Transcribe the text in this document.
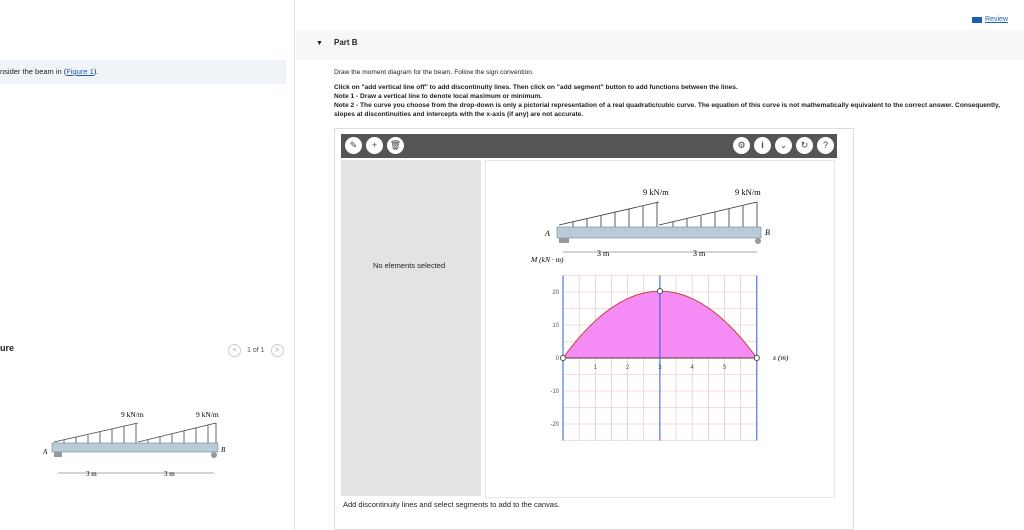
nsider the beam in (Figure 1).
ure	<	1 of 1	>
9 kN/m	9 kN/m
A	B
3 m	3 m
Review
▼ Part B
Draw the moment diagram for the beam. Follow the sign convention.
Click on "add vertical line off" to add discontinuity lines. Then click on "add segment" button to add functions between the lines.
Note 1 - Draw a vertical line to denote local maximum or minimum.
Note 2 - The curve you choose from the drop-down is only a pictorial representation of a real quadratic/cubic curve. The equation of this curve is not mathematically equivalent to the correct answer. Consequently, slopes at discontinuities and intercepts with the x-axis (if any) are not accurate.
✎	+	🗑	⚙	i	⌄	↻	?
No elements selected
9 kN/m	9 kN/m
A	B
3 m	3 m
20
10
0
-10
-20
1	2	3	4	5
M (kN · m)
x (m)
Add discontinuity lines and select segments to add to the canvas.
